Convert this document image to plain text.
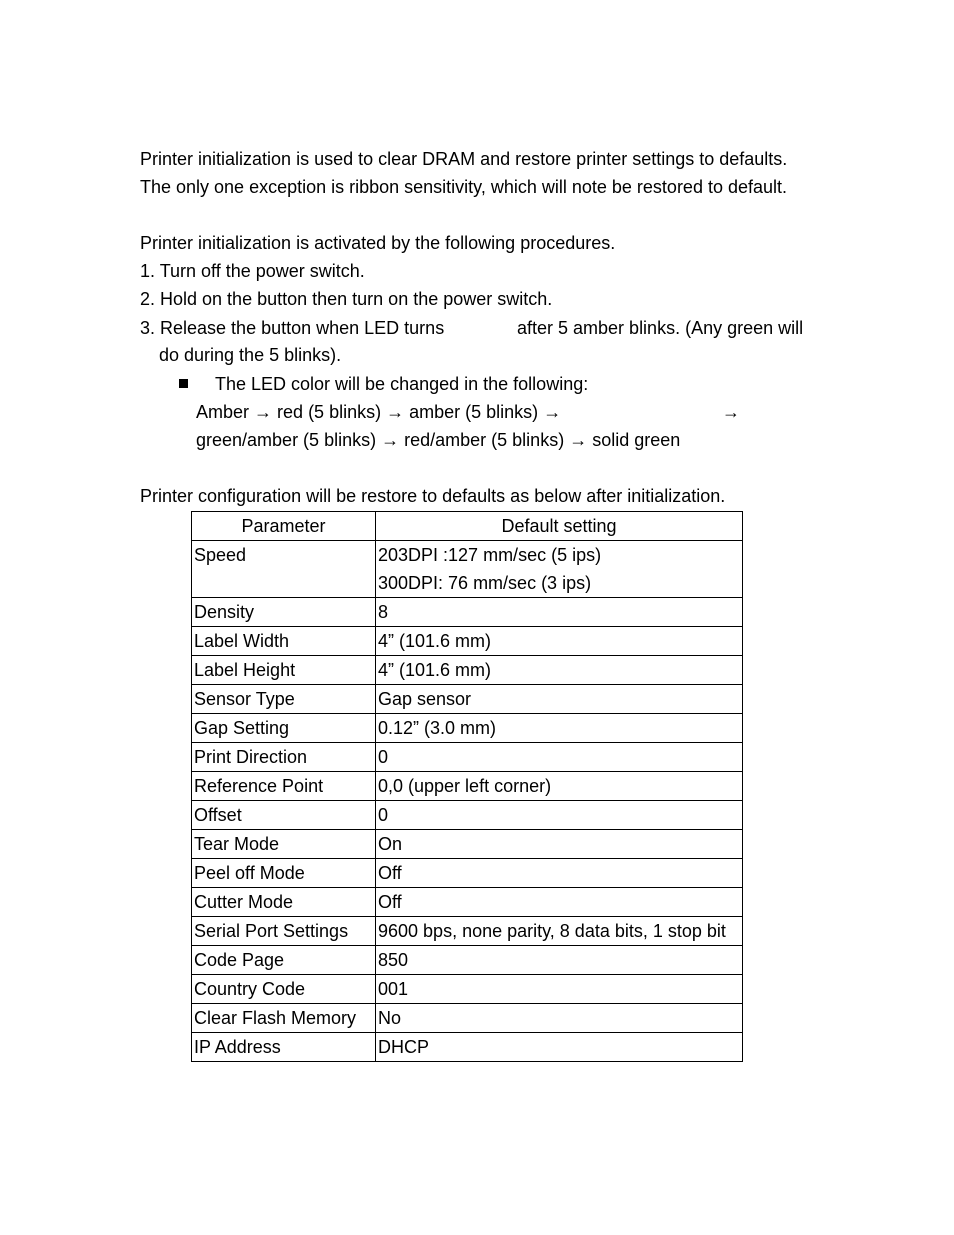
Printer initialization is used to clear DRAM and restore printer settings to defaults.
The only one exception is ribbon sensitivity, which will note be restored to default.
Printer initialization is activated by the following procedures.
1. Turn off the power switch.
2. Hold on the button then turn on the power switch.
3. Release the button when LED turns	after 5 amber blinks. (Any green will
do during the 5 blinks).
The LED color will be changed in the following:
Amber → red (5 blinks) → amber (5 blinks) →	→
green/amber (5 blinks) → red/amber (5 blinks) → solid green
Printer configuration will be restore to defaults as below after initialization.
Parameter	Default setting
Speed	203DPI :127 mm/sec (5 ips)
300DPI: 76 mm/sec (3 ips)

Density	8
Label Width	4” (101.6 mm)
Label Height	4” (101.6 mm)
Sensor Type	Gap sensor
Gap Setting	0.12” (3.0 mm)
Print Direction	0
Reference Point	0,0 (upper left corner)
Offset	0
Tear Mode	On
Peel off Mode	Off
Cutter Mode	Off
Serial Port Settings	9600 bps, none parity, 8 data bits, 1 stop bit
Code Page	850
Country Code	001
Clear Flash Memory	No
IP Address	DHCP
